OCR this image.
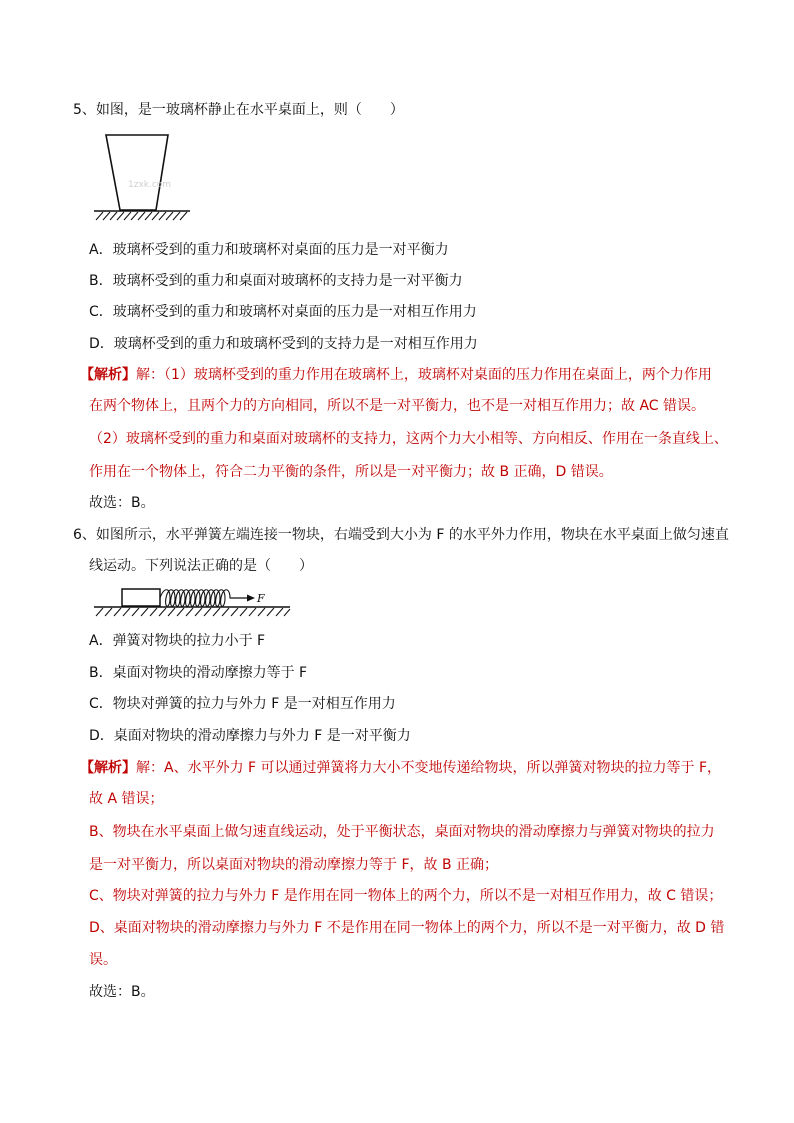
5、如图，是一玻璃杯静止在水平桌面上，则（　　）
1zxk.com
A．玻璃杯受到的重力和玻璃杯对桌面的压力是一对平衡力
B．玻璃杯受到的重力和桌面对玻璃杯的支持力是一对平衡力
C．玻璃杯受到的重力和玻璃杯对桌面的压力是一对相互作用力
D．玻璃杯受到的重力和玻璃杯受到的支持力是一对相互作用力
【解析】解：（1）玻璃杯受到的重力作用在玻璃杯上，玻璃杯对桌面的压力作用在桌面上，两个力作用
在两个物体上，且两个力的方向相同，所以不是一对平衡力，也不是一对相互作用力；故 AC 错误。
（2）玻璃杯受到的重力和桌面对玻璃杯的支持力，这两个力大小相等、方向相反、作用在一条直线上、
作用在一个物体上，符合二力平衡的条件，所以是一对平衡力；故 B 正确，D 错误。
故选：B。
6、如图所示，水平弹簧左端连接一物块，右端受到大小为 F 的水平外力作用，物块在水平桌面上做匀速直
线运动。下列说法正确的是（　　）
F
A．弹簧对物块的拉力小于 F
B．桌面对物块的滑动摩擦力等于 F
C．物块对弹簧的拉力与外力 F 是一对相互作用力
D．桌面对物块的滑动摩擦力与外力 F 是一对平衡力
【解析】解：A、水平外力 F 可以通过弹簧将力大小不变地传递给物块，所以弹簧对物块的拉力等于 F，
故 A 错误；
B、物块在水平桌面上做匀速直线运动，处于平衡状态，桌面对物块的滑动摩擦力与弹簧对物块的拉力
是一对平衡力，所以桌面对物块的滑动摩擦力等于 F，故 B 正确；
C、物块对弹簧的拉力与外力 F 是作用在同一物体上的两个力，所以不是一对相互作用力，故 C 错误；
D、桌面对物块的滑动摩擦力与外力 F 不是作用在同一物体上的两个力，所以不是一对平衡力，故 D 错
误。
故选：B。
